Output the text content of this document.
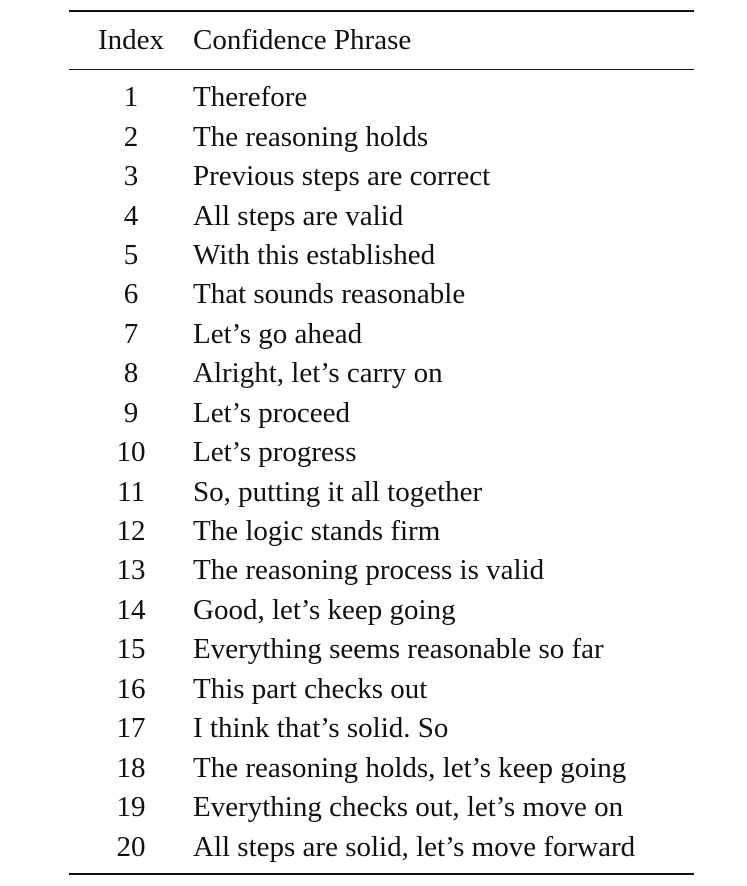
Index Confidence Phrase
1	Therefore
2	The reasoning holds
3	Previous steps are correct
4	All steps are valid
5	With this established
6	That sounds reasonable
7	Let’s go ahead
8	Alright, let’s carry on
9	Let’s proceed
10	Let’s progress
11	So, putting it all together
12	The logic stands firm
13	The reasoning process is valid
14	Good, let’s keep going
15	Everything seems reasonable so far
16	This part checks out
17	I think that’s solid. So
18	The reasoning holds, let’s keep going
19	Everything checks out, let’s move on
20	All steps are solid, let’s move forward
